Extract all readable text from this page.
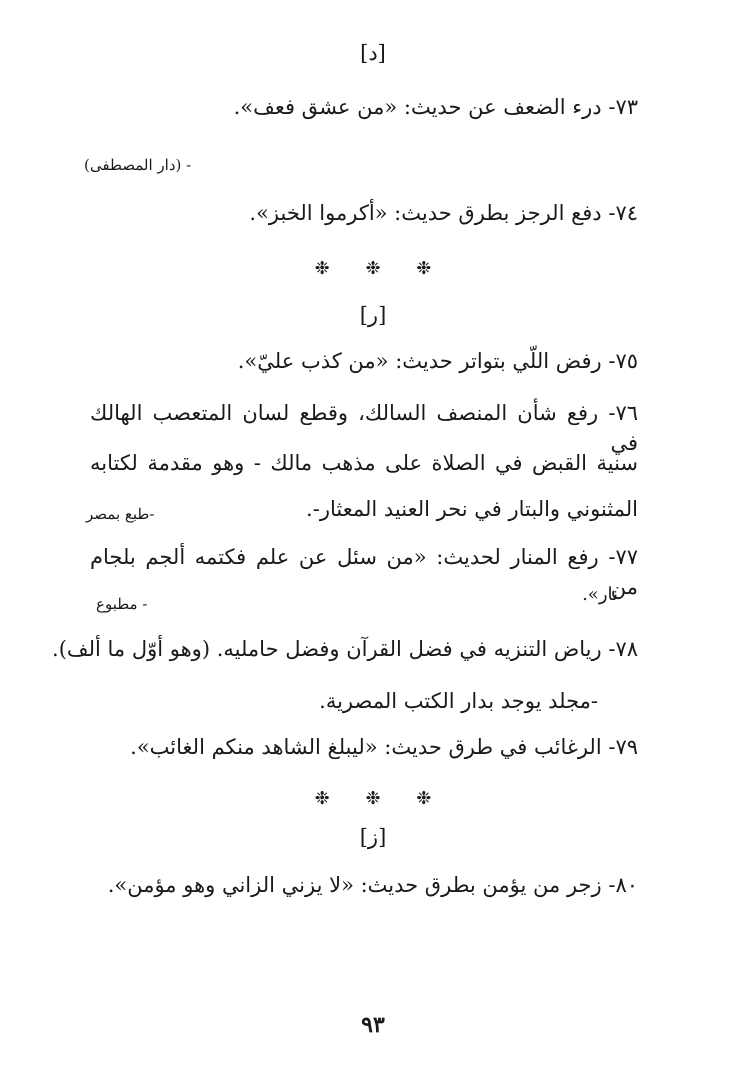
[د]
٧٣- درء الضعف عن حديث: «من عشق فعف».
- (دار المصطفى)
٧٤- دفع الرجز بطرق حديث: «أكرموا الخبز».
❉ ❉ ❉
[ر]
٧٥- رفض اللّي بتواتر حديث: «من كذب عليّ».
٧٦- رفع شأن المنصف السالك، وقطع لسان المتعصب الهالك في
سنية القبض في الصلاة على مذهب مالك - وهو مقدمة لكتابه
المثنوني والبتار في نحر العنيد المعثار-.
-طبع بمصر
٧٧- رفع المنار لحديث: «من سئل عن علم فكتمه ألجم بلجام من
نار».
- مطبوع
٧٨- رياض التنزيه في فضل القرآن وفضل حامليه. (وهو أوّل ما ألف).
-مجلد يوجد بدار الكتب المصرية.
٧٩- الرغائب في طرق حديث: «ليبلغ الشاهد منكم الغائب».
❉ ❉ ❉
[ز]
٨٠- زجر من يؤمن بطرق حديث: «لا يزني الزاني وهو مؤمن».
٩٣
